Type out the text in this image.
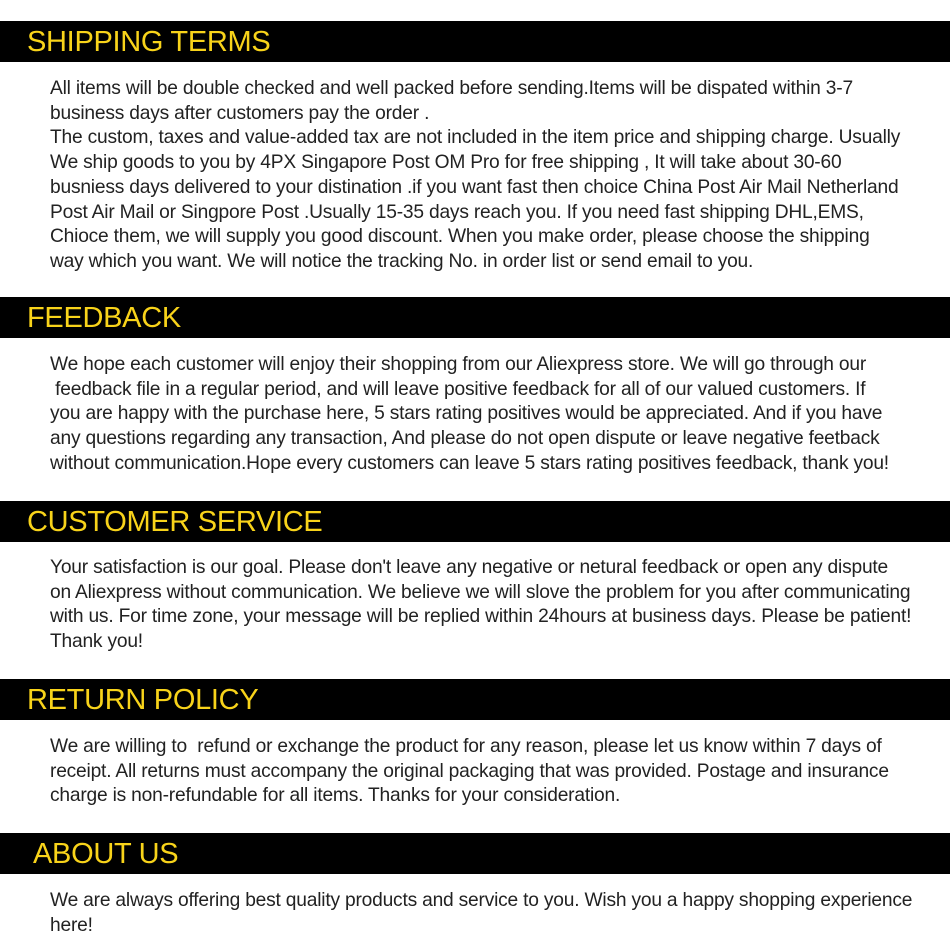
SHIPPING TERMS

All items will be double checked and well packed before sending.Items will be dispated within 3-7
business days after customers pay the order .
The custom, taxes and value-added tax are not included in the item price and shipping charge. Usually
We ship goods to you by 4PX Singapore Post OM Pro for free shipping , It will take about 30-60
busniess days delivered to your distination .if you want fast then choice China Post Air Mail Netherland
Post Air Mail or Singpore Post .Usually 15-35 days reach you. If you need fast shipping DHL,EMS,
Chioce them, we will supply you good discount. When you make order, please choose the shipping
way which you want. We will notice the tracking No. in order list or send email to you.

FEEDBACK

We hope each customer will enjoy their shopping from our Aliexpress store. We will go through our
feedback file in a regular period, and will leave positive feedback for all of our valued customers. If
you are happy with the purchase here, 5 stars rating positives would be appreciated. And if you have
any questions regarding any transaction, And please do not open dispute or leave negative feetback
without communication.Hope every customers can leave 5 stars rating positives feedback, thank you!

CUSTOMER SERVICE

Your satisfaction is our goal. Please don't leave any negative or netural feedback or open any dispute
on Aliexpress without communication. We believe we will slove the problem for you after communicating
with us. For time zone, your message will be replied within 24hours at business days. Please be patient!
Thank you!

RETURN POLICY

We are willing to  refund or exchange the product for any reason, please let us know within 7 days of
receipt. All returns must accompany the original packaging that was provided. Postage and insurance
charge is non-refundable for all items. Thanks for your consideration.

ABOUT US

We are always offering best quality products and service to you. Wish you a happy shopping experience
here!
